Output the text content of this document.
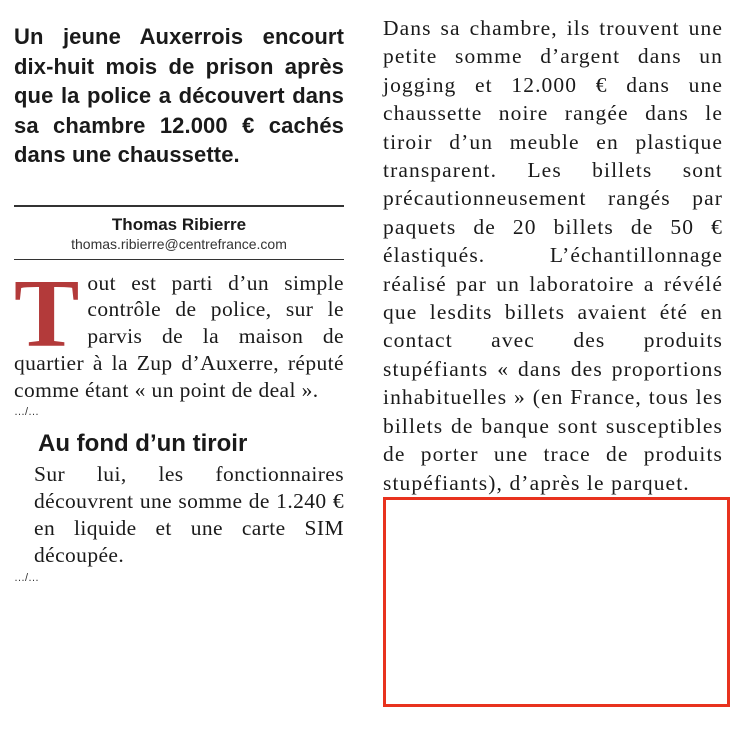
Un jeune Auxerrois encourt dix-huit mois de prison après que la police a découvert dans sa chambre 12.000 € cachés dans une chaussette.

Thomas Ribierre
thomas.ribierre@centrefrance.com
T out est parti d’un simple contrôle de police, sur le parvis de la maison de quartier à la Zup d’Auxerre, réputé comme étant « un point de deal ».

…/…

Au fond d’un tiroir

Sur lui, les fonctionnaires découvrent une somme de 1.240 € en liquide et une carte SIM découpée.

…/…

Dans sa chambre, ils trouvent une petite somme d’argent dans un jogging et 12.000 € dans une chaussette noire rangée dans le tiroir d’un meuble en plastique transparent. Les billets sont précautionneusement rangés par paquets de 20 billets de 50 € élastiqués. L’échantillonnage réalisé par un laboratoire a révélé que lesdits billets avaient été en contact avec des produits stupéfiants « dans des proportions inhabituelles » (en France, tous les billets de banque sont susceptibles de porter une trace de produits stupéfiants), d’après le parquet.
